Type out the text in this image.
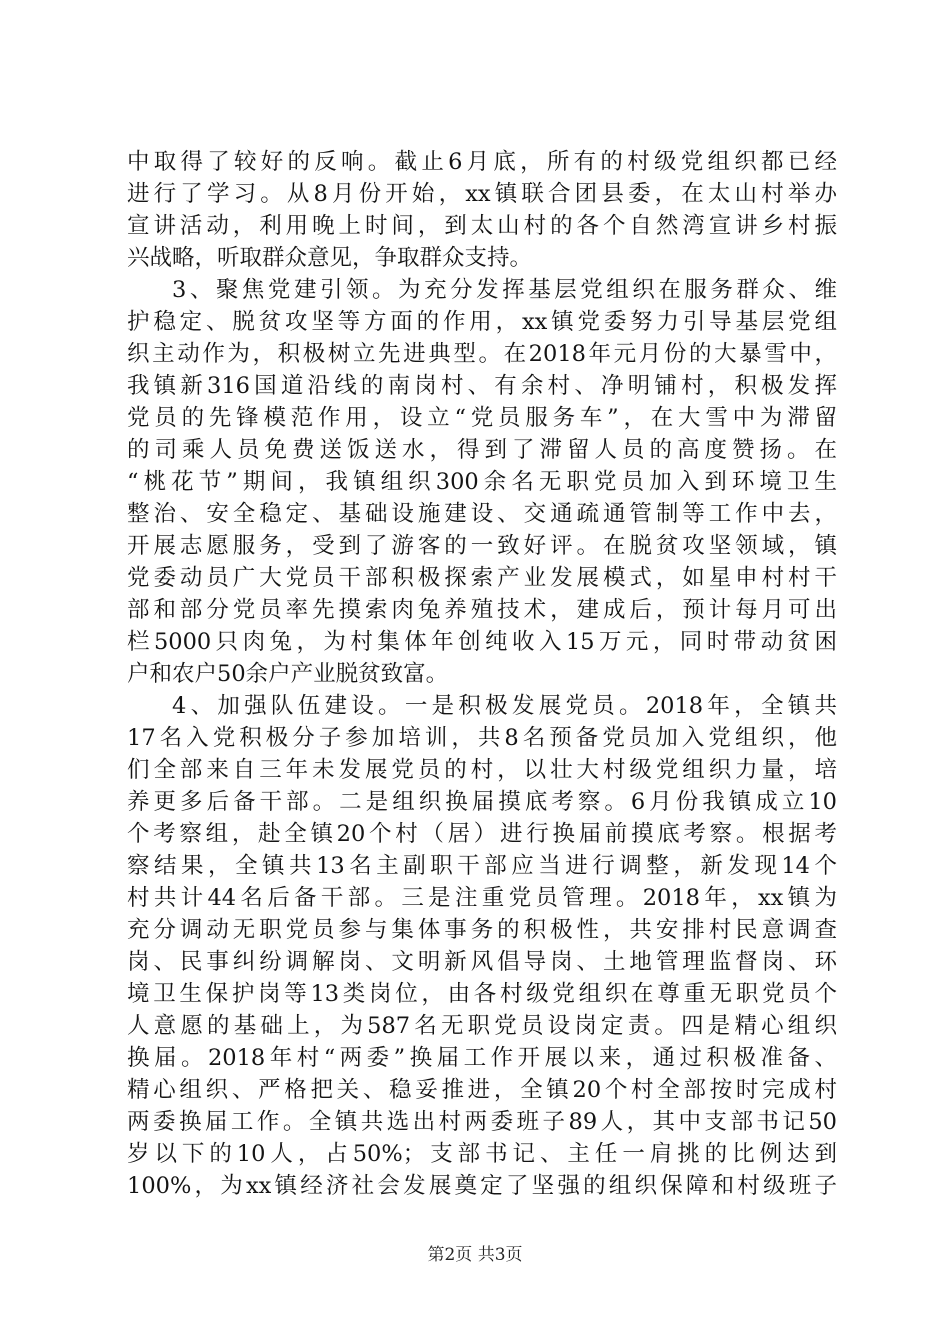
中取得了较好的反响。截止6月底，所有的村级党组织都已经
进行了学习。从8月份开始，xx镇联合团县委，在太山村举办
宣讲活动，利用晚上时间，到太山村的各个自然湾宣讲乡村振
兴战略，听取群众意见，争取群众支持。
3、聚焦党建引领。为充分发挥基层党组织在服务群众、维
护稳定、脱贫攻坚等方面的作用，xx镇党委努力引导基层党组
织主动作为，积极树立先进典型。在2018年元月份的大暴雪中，
我镇新316国道沿线的南岗村、有余村、净明铺村，积极发挥
党员的先锋模范作用，设立“党员服务车”，在大雪中为滞留
的司乘人员免费送饭送水，得到了滞留人员的高度赞扬。在
“桃花节”期间，我镇组织300余名无职党员加入到环境卫生
整治、安全稳定、基础设施建设、交通疏通管制等工作中去，
开展志愿服务，受到了游客的一致好评。在脱贫攻坚领域，镇
党委动员广大党员干部积极探索产业发展模式，如星申村村干
部和部分党员率先摸索肉兔养殖技术，建成后，预计每月可出
栏5000只肉兔，为村集体年创纯收入15万元，同时带动贫困
户和农户50余户产业脱贫致富。
4、加强队伍建设。一是积极发展党员。2018年，全镇共
17名入党积极分子参加培训，共8名预备党员加入党组织，他
们全部来自三年未发展党员的村，以壮大村级党组织力量，培
养更多后备干部。二是组织换届摸底考察。6月份我镇成立10
个考察组，赴全镇20个村（居）进行换届前摸底考察。根据考
察结果，全镇共13名主副职干部应当进行调整，新发现14个
村共计44名后备干部。三是注重党员管理。2018年，xx镇为
充分调动无职党员参与集体事务的积极性，共安排村民意调查
岗、民事纠纷调解岗、文明新风倡导岗、土地管理监督岗、环
境卫生保护岗等13类岗位，由各村级党组织在尊重无职党员个
人意愿的基础上，为587名无职党员设岗定责。四是精心组织
换届。2018年村“两委”换届工作开展以来，通过积极准备、
精心组织、严格把关、稳妥推进，全镇20个村全部按时完成村
两委换届工作。全镇共选出村两委班子89人，其中支部书记50
岁以下的10人，占50%；支部书记、主任一肩挑的比例达到
100%，为xx镇经济社会发展奠定了坚强的组织保障和村级班子
第2页 共3页
